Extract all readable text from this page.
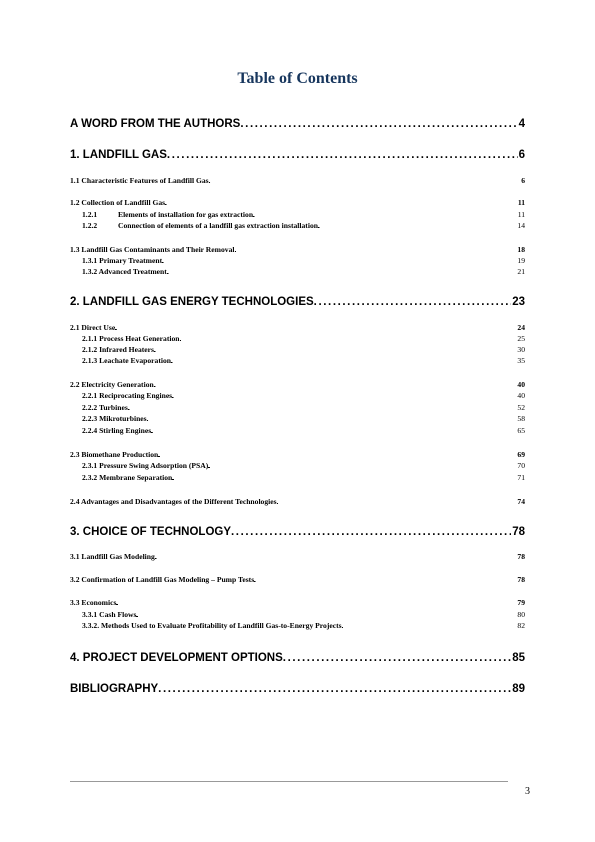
Table of Contents
A WORD FROM THE AUTHORS . . .	4
1. LANDFILL GAS . . .	6
1.1 Characteristic Features of Landfill Gas . . .	6
1.2 Collection of Landfill Gas . . .	11
1.2.1	Elements of installation for gas extraction . . .	11
1.2.2	Connection of elements of a landfill gas extraction installation . . .	14
1.3 Landfill Gas Contaminants and Their Removal . . .	18
1.3.1 Primary Treatment . . .	19
1.3.2 Advanced Treatment . . .	21
2. LANDFILL GAS ENERGY TECHNOLOGIES . . .	23
2.1 Direct Use . . .	24
2.1.1 Process Heat Generation . . .	25
2.1.2 Infrared Heaters . . .	30
2.1.3 Leachate Evaporation . . .	35
2.2 Electricity Generation . . .	40
2.2.1 Reciprocating Engines . . .	40
2.2.2 Turbines . . .	52
2.2.3 Mikroturbines . . .	58
2.2.4 Stirling Engines . . .	65
2.3 Biomethane Production . . .	69
2.3.1 Pressure Swing Adsorption (PSA) . . .	70
2.3.2 Membrane Separation . . .	71
2.4 Advantages and Disadvantages of the Different Technologies . . .	74
3. CHOICE OF TECHNOLOGY . . .	78
3.1 Landfill Gas Modeling . . .	78
3.2 Confirmation of Landfill Gas Modeling – Pump Tests . . .	78
3.3 Economics . . .	79
3.3.1 Cash Flows . . .	80
3.3.2. Methods Used to Evaluate Profitability of Landfill Gas-to-Energy Projects . . .	82
4. PROJECT DEVELOPMENT OPTIONS . . .	85
BIBLIOGRAPHY . . .	89
3
